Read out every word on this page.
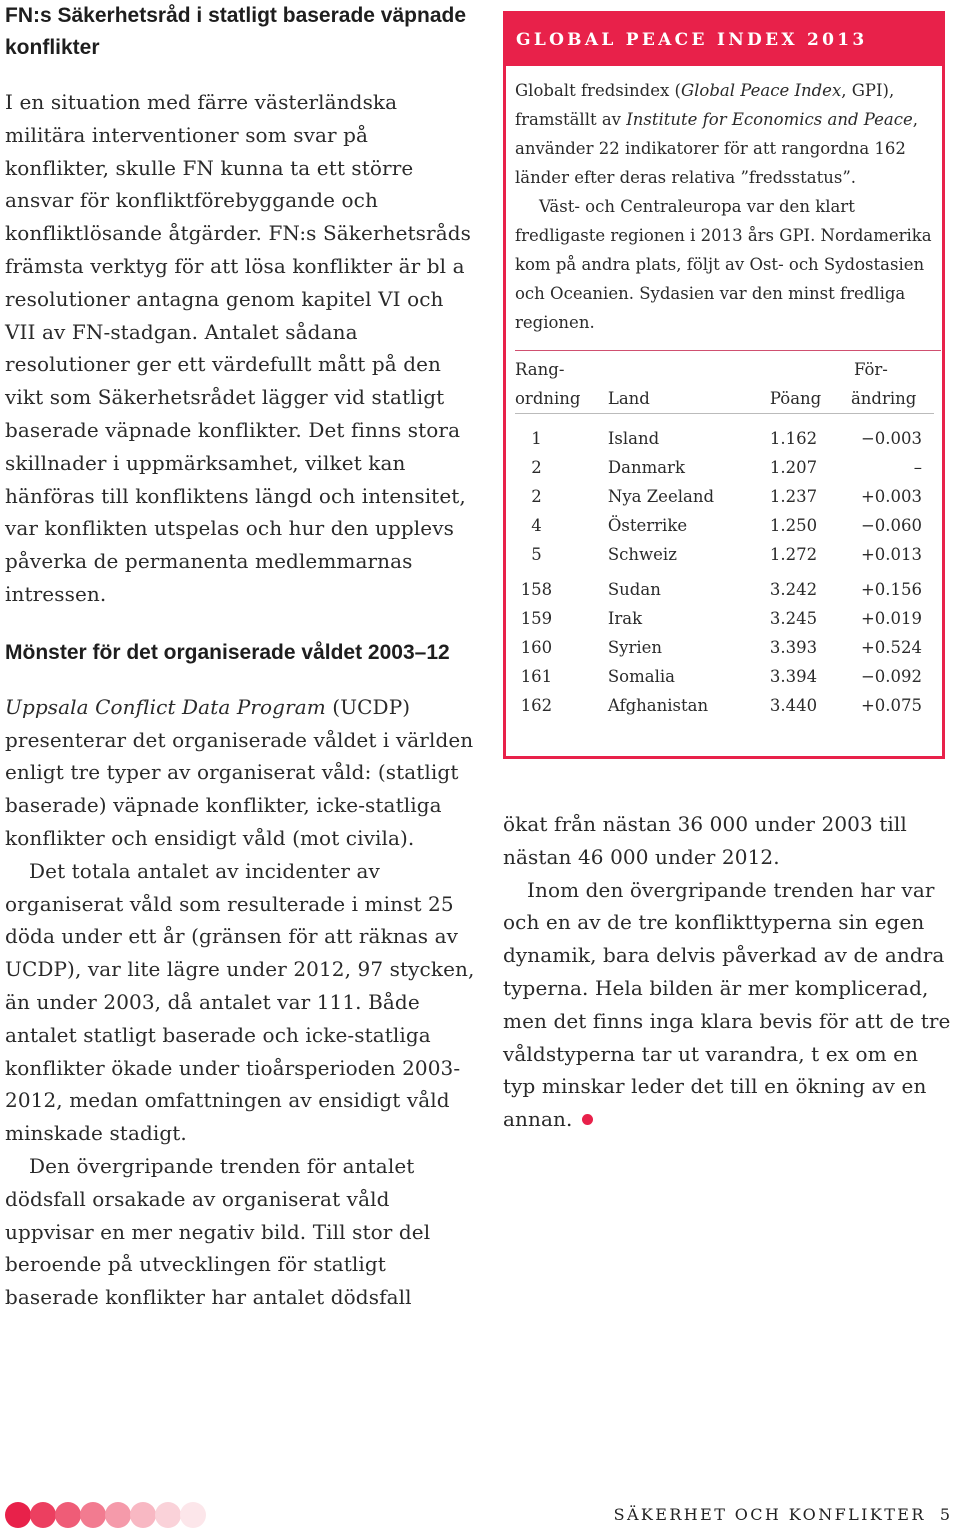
FN:s Säkerhetsråd i statligt baserade väpnade konflikter

I en situation med färre västerländska militära interventioner som svar på konflikter, skulle FN kunna ta ett större ansvar för konfliktförebyggande och konfliktlösande åtgärder. FN:s Säkerhetsråds främsta verktyg för att lösa konflikter är bl a resolutioner antagna genom kapitel VI och VII av FN-stadgan. Antalet sådana resolutioner ger ett värdefullt mått på den vikt som Säkerhetsrådet lägger vid statligt baserade väpnade konflikter. Det finns stora skillnader i uppmärksamhet, vilket kan hänföras till konfliktens längd och intensitet, var konflikten utspelas och hur den upplevs påverka de permanenta medlemmarnas intressen.

Mönster för det organiserade våldet 2003–12

Uppsala Conflict Data Program (UCDP) presenterar det organiserade våldet i världen enligt tre typer av organiserat våld: (statligt baserade) väpnade konflikter, icke-statliga konflikter och ensidigt våld (mot civila).

Det totala antalet av incidenter av organiserat våld som resulterade i minst 25 döda under ett år (gränsen för att räknas av UCDP), var lite lägre under 2012, 97 stycken, än under 2003, då antalet var 111. Både antalet statligt baserade och icke-statliga konflikter ökade under tioårsperioden 2003-2012, medan omfattningen av ensidigt våld minskade stadigt.

Den övergripande trenden för antalet dödsfall orsakade av organiserat våld uppvisar en mer negativ bild. Till stor del beroende på utvecklingen för statligt baserade konflikter har antalet dödsfall

GLOBAL PEACE INDEX 2013

Globalt fredsindex (Global Peace Index, GPI), framställt av Institute for Economics and Peace, använder 22 indikatorer för att rangordna 162 länder efter deras relativa ”fredsstatus”.

Väst- och Centraleuropa var den klart fredligaste regionen i 2013 års GPI. Nordamerika kom på andra plats, följt av Ost- och Sydostasien och Oceanien. Sydasien var den minst fredliga regionen.

Rang-
ordning	Land	Pöang	För-
ändring

1	Island	1.162	−0.003
2	Danmark	1.207	–
2	Nya Zeeland	1.237	+0.003
4	Österrike	1.250	−0.060
5	Schweiz	1.272	+0.013

158	Sudan	3.242	+0.156
159	Irak	3.245	+0.019
160	Syrien	3.393	+0.524
161	Somalia	3.394	−0.092
162	Afghanistan	3.440	+0.075

ökat från nästan 36 000 under 2003 till nästan 46 000 under 2012.

Inom den övergripande trenden har var och en av de tre konflikttyperna sin egen dynamik, bara delvis påverkad av de andra typerna. Hela bilden är mer komplicerad, men det finns inga klara bevis för att de tre våldstyperna tar ut varandra, t ex om en typ minskar leder det till en ökning av en annan.

SÄKERHET OCH KONFLIKTER 5
